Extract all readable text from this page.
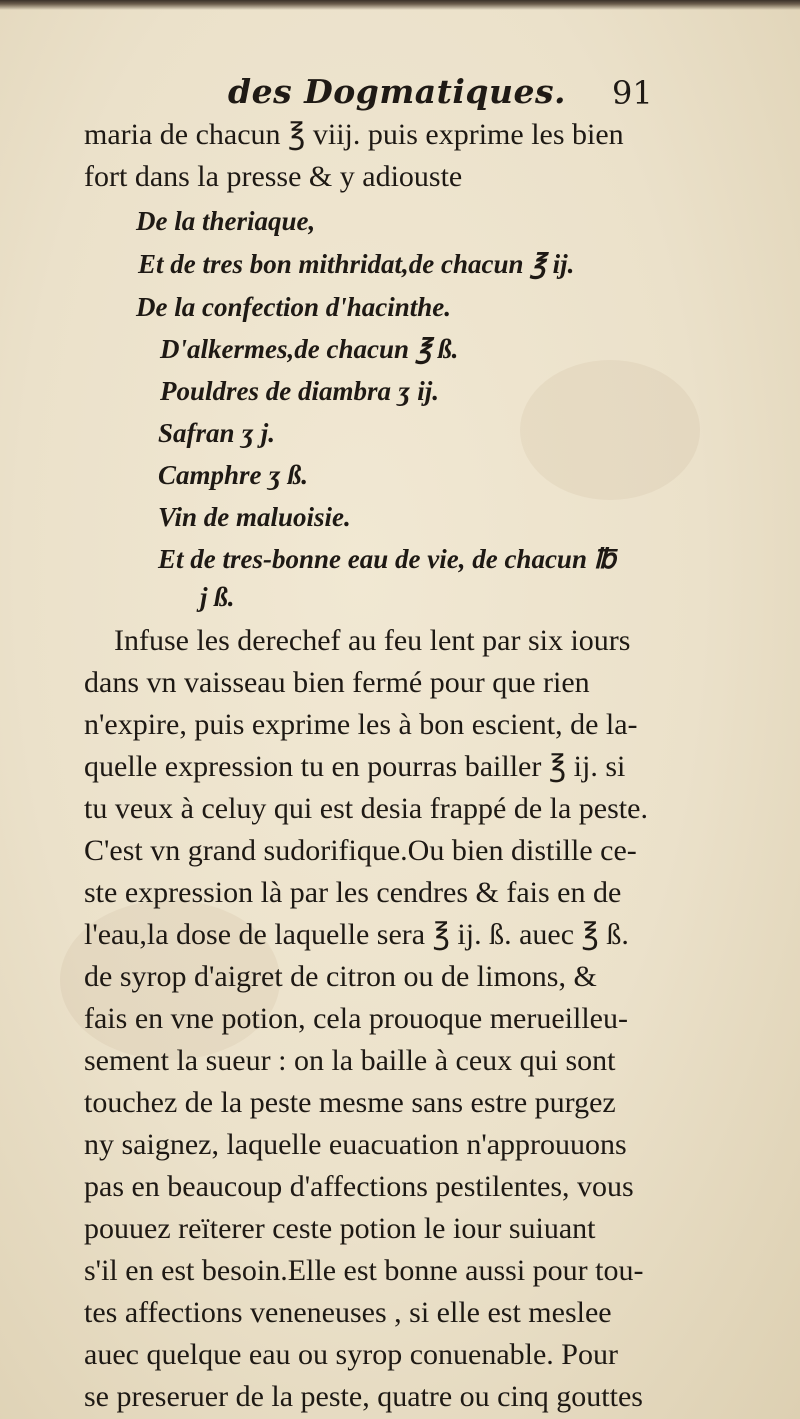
des Dogmatiques. 91
maria de chacun ℥ viij. puis exprime les bien
fort dans la presse & y adiouste
De la theriaque,
Et de tres bon mithridat,de chacun ℥ ij.
De la confection d'hacinthe.
D'alkermes,de chacun ℥ ß.
Pouldres de diambra ʒ ij.
Safran ʒ j.
Camphre ʒ ß.
Vin de maluoisie.
Et de tres-bonne eau de vie, de chacun ℔
j ß.
Infuse les derechef au feu lent par six iours
dans vn vaisseau bien fermé pour que rien
n'expire, puis exprime les à bon escient, de la-
quelle expression tu en pourras bailler ℥ ij. si
tu veux à celuy qui est desia frappé de la peste.
C'est vn grand sudorifique.Ou bien distille ce-
ste expression là par les cendres & fais en de
l'eau,la dose de laquelle sera ℥ ij. ß. auec ℥ ß.
de syrop d'aigret de citron ou de limons, &
fais en vne potion, cela prouoque merueilleu-
sement la sueur : on la baille à ceux qui sont
touchez de la peste mesme sans estre purgez
ny saignez, laquelle euacuation n'approuuons
pas en beaucoup d'affections pestilentes, vous
pouuez reïterer ceste potion le iour suiuant
s'il en est besoin.Elle est bonne aussi pour tou-
tes affections veneneuses , si elle est meslee
auec quelque eau ou syrop conuenable. Pour
se preseruer de la peste, quatre ou cinq gouttes
